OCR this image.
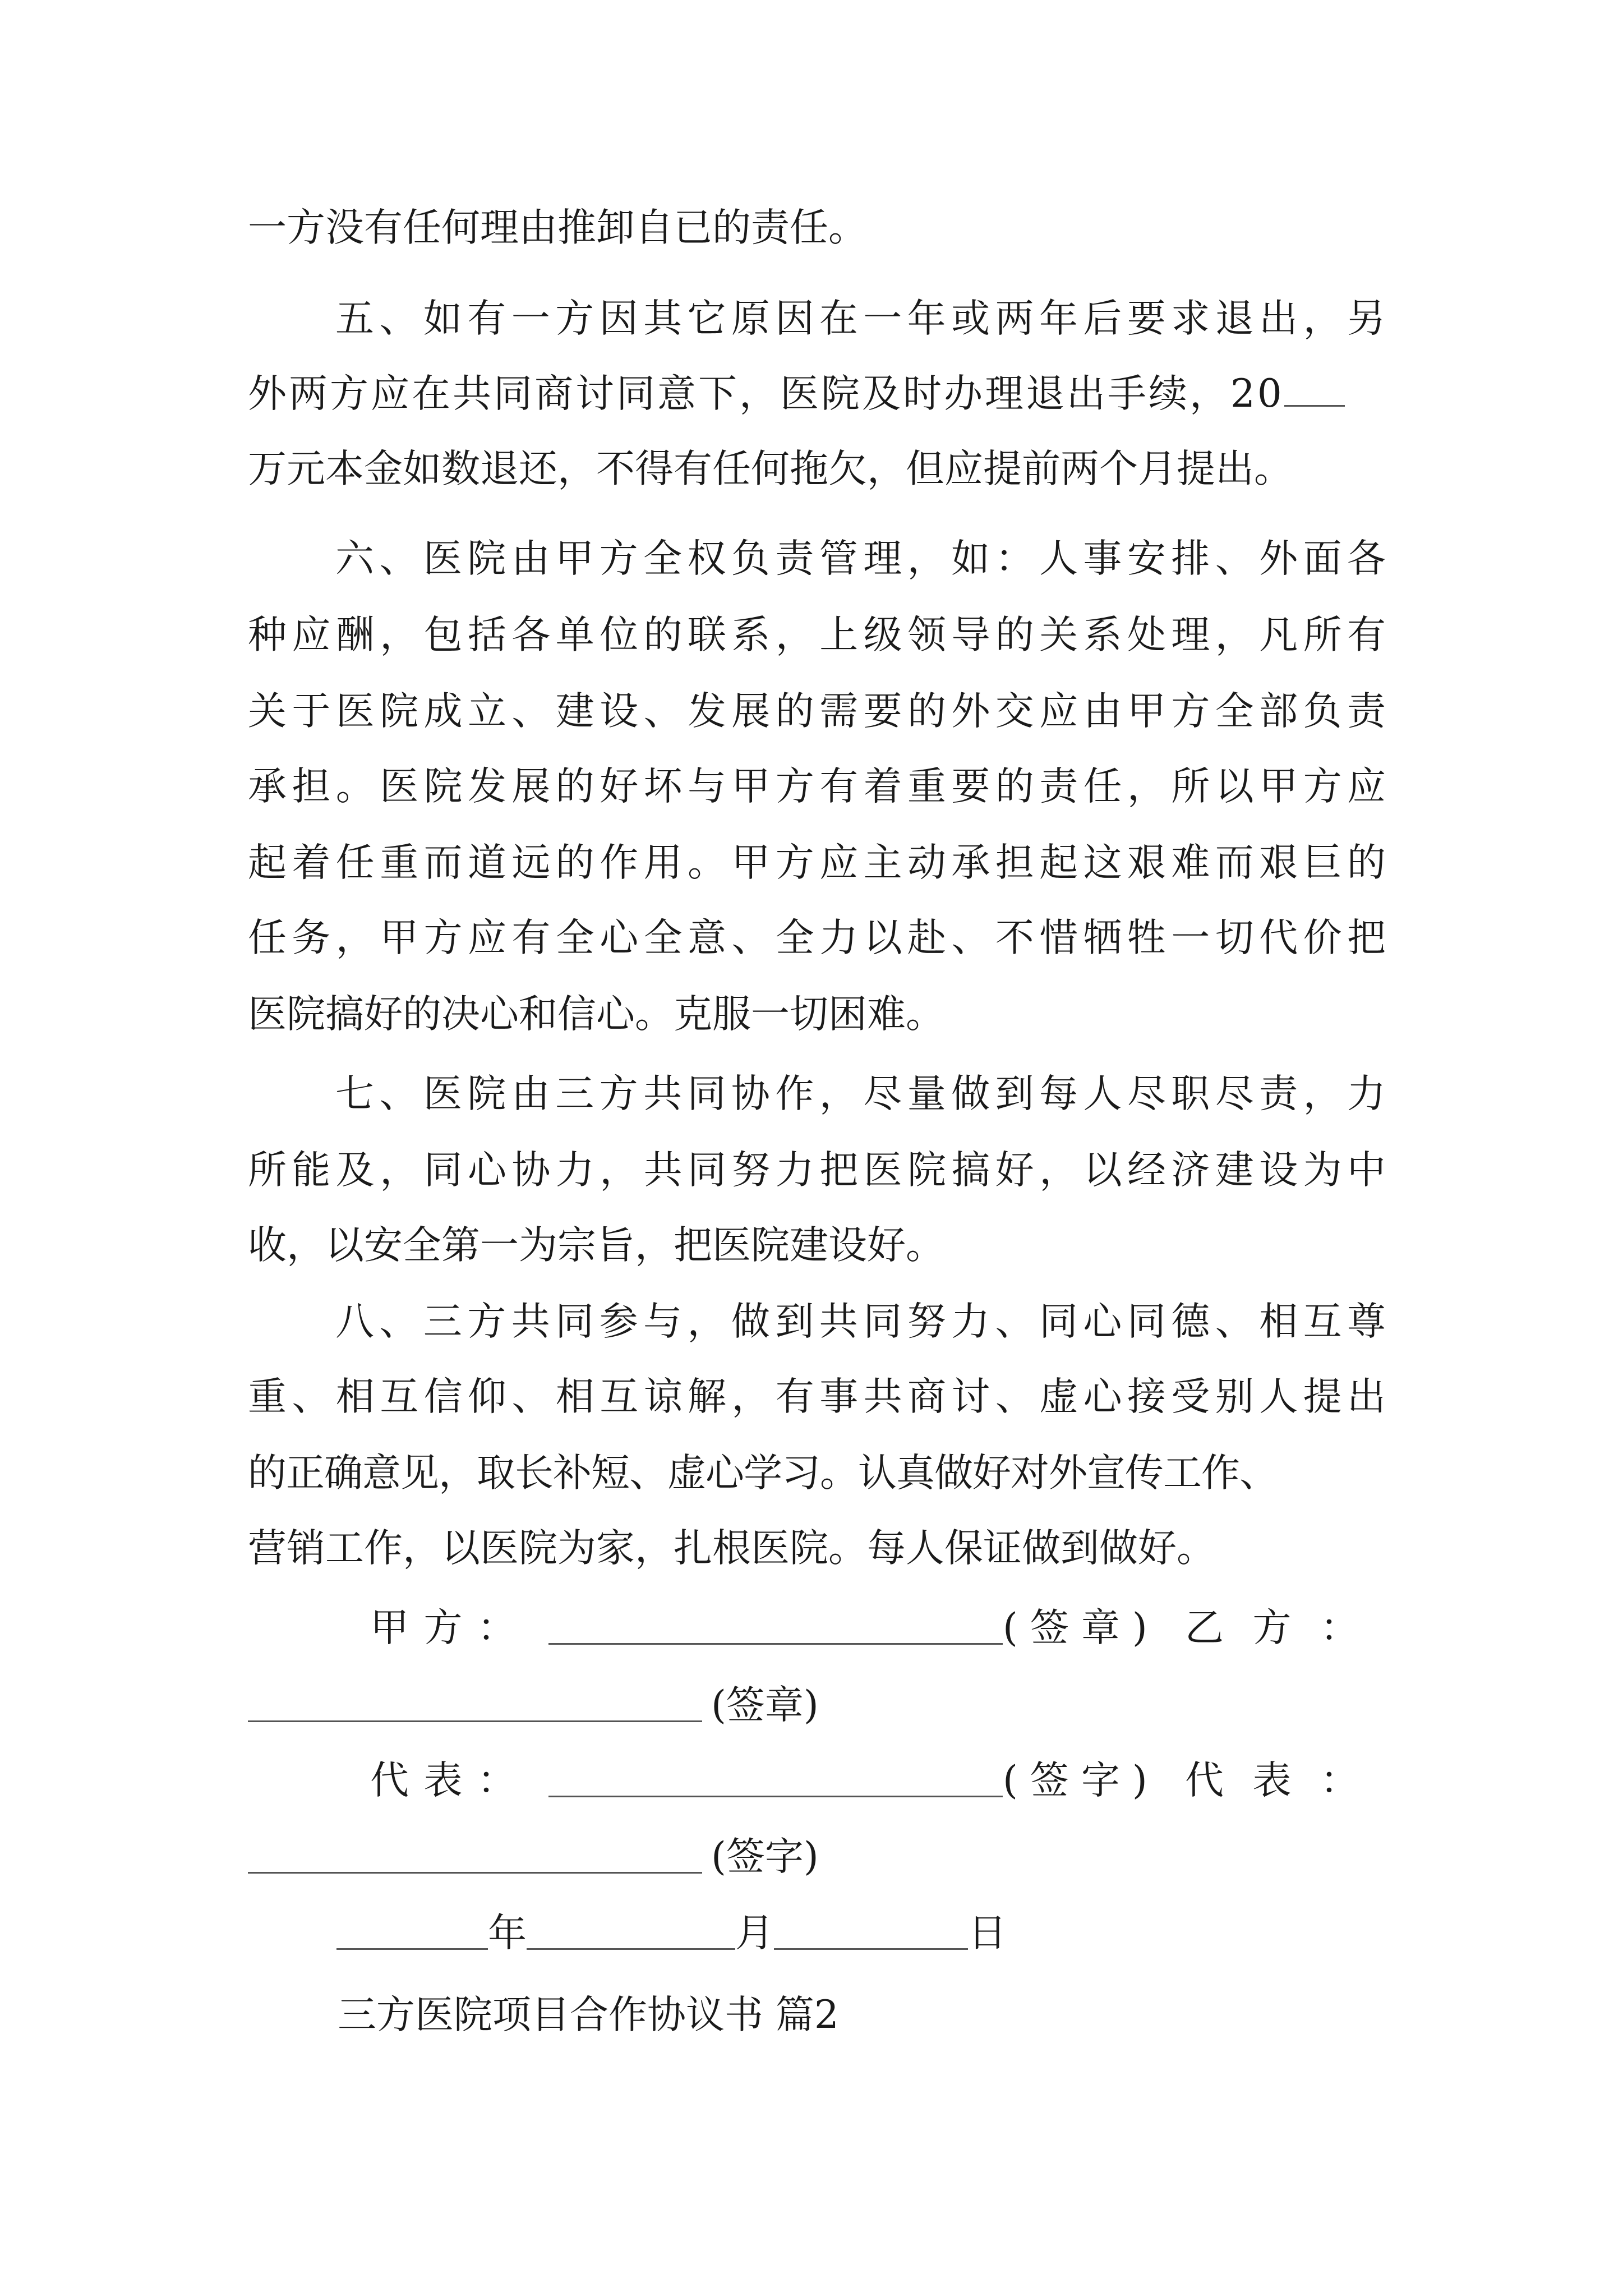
一方没有任何理由推卸自已的责任。
五、如有一方因其它原因在一年或两年后要求退出，另
外两方应在共同商讨同意下，医院及时办理退出手续，20
万元本金如数退还，不得有任何拖欠，但应提前两个月提出。
六、医院由甲方全权负责管理，如：人事安排、外面各
种应酬，包括各单位的联系，上级领导的关系处理，凡所有
关于医院成立、建设、发展的需要的外交应由甲方全部负责
承担。医院发展的好坏与甲方有着重要的责任，所以甲方应
起着任重而道远的作用。甲方应主动承担起这艰难而艰巨的
任务，甲方应有全心全意、全力以赴、不惜牺牲一切代价把
医院搞好的决心和信心。克服一切困难。
七、医院由三方共同协作，尽量做到每人尽职尽责，力
所能及，同心协力，共同努力把医院搞好，以经济建设为中
收，以安全第一为宗旨，把医院建设好。
八、三方共同参与，做到共同努力、同心同德、相互尊
重、相互信仰、相互谅解，有事共商讨、虚心接受别人提出
的正确意见，取长补短、虚心学习。认真做好对外宣传工作、
营销工作，以医院为家，扎根医院。每人保证做到做好。
甲方：	(签章) 乙方：
(签章)
代表：	(签字) 代表：
(签字)
年	月	日
三方医院项目合作协议书 篇2
